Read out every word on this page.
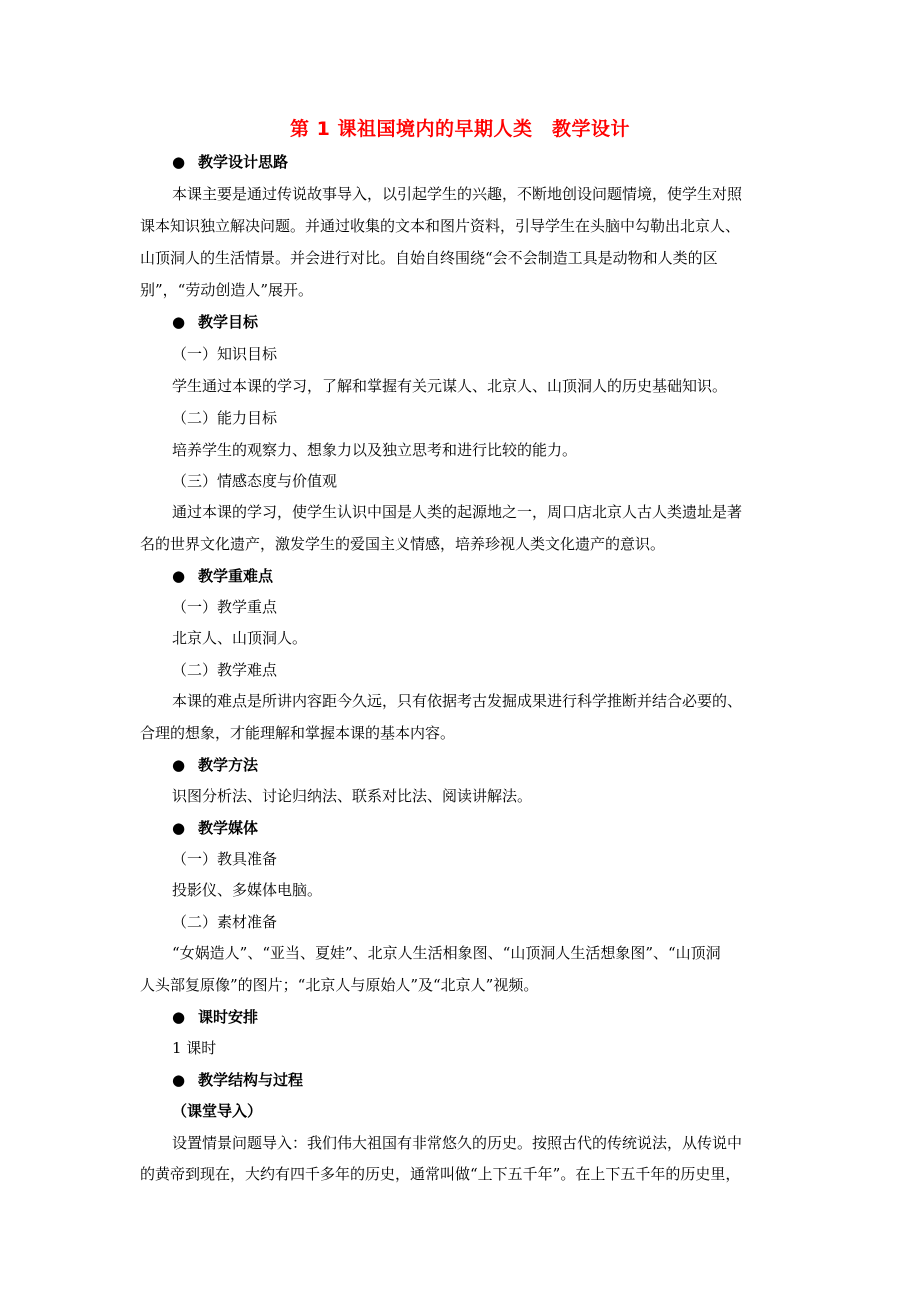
第 1 课祖国境内的早期人类　教学设计
● 教学设计思路
本课主要是通过传说故事导入，以引起学生的兴趣，不断地创设问题情境，使学生对照
课本知识独立解决问题。并通过收集的文本和图片资料，引导学生在头脑中勾勒出北京人、
山顶洞人的生活情景。并会进行对比。自始自终围绕“会不会制造工具是动物和人类的区
别”，“劳动创造人”展开。
● 教学目标
（一）知识目标
学生通过本课的学习，了解和掌握有关元谋人、北京人、山顶洞人的历史基础知识。
（二）能力目标
培养学生的观察力、想象力以及独立思考和进行比较的能力。
（三）情感态度与价值观
通过本课的学习，使学生认识中国是人类的起源地之一，周口店北京人古人类遗址是著
名的世界文化遗产，激发学生的爱国主义情感，培养珍视人类文化遗产的意识。
● 教学重难点
（一）教学重点
北京人、山顶洞人。
（二）教学难点
本课的难点是所讲内容距今久远，只有依据考古发掘成果进行科学推断并结合必要的、
合理的想象，才能理解和掌握本课的基本内容。
● 教学方法
识图分析法、讨论归纳法、联系对比法、阅读讲解法。
● 教学媒体
（一）教具准备
投影仪、多媒体电脑。
（二）素材准备
“女娲造人”、“亚当、夏娃”、北京人生活相象图、“山顶洞人生活想象图”、“山顶洞
人头部复原像”的图片；“北京人与原始人”及“北京人”视频。
● 课时安排
1 课时
● 教学结构与过程
（课堂导入）
设置情景问题导入：我们伟大祖国有非常悠久的历史。按照古代的传统说法，从传说中
的黄帝到现在，大约有四千多年的历史，通常叫做“上下五千年”。在上下五千年的历史里，
